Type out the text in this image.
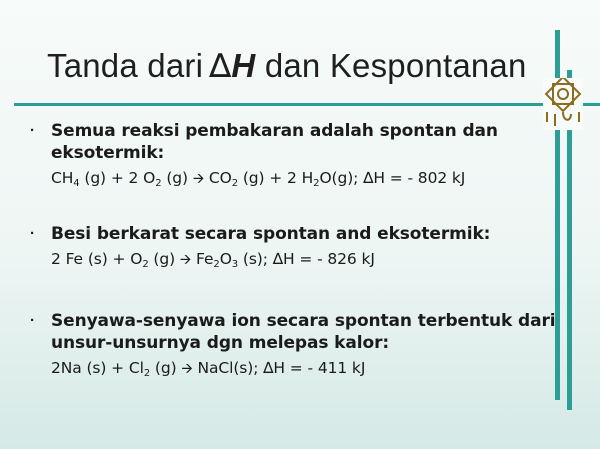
Tanda dari ∆H dan Kespontanan
· Semua reaksi pembakaran adalah spontan dan eksotermik:
$CH_4$ (g) + 2 $O_2$ (g) 🡪 $CO_2$ (g) + 2 $H_2O(g)$; ∆H = - 802 kJ
· Besi berkarat secara spontan and eksotermik:
2 Fe $(s) + O_2$ (g) 🡪 $Fe_2O_3$ (s); ∆H = - 826 kJ
· Senyawa-senyawa ion secara spontan terbentuk dari unsur-unsurnya dgn melepas kalor:
2Na $(s) + Cl_2$ (g) 🡪 NaCl(s); ∆H = - 411 kJ
